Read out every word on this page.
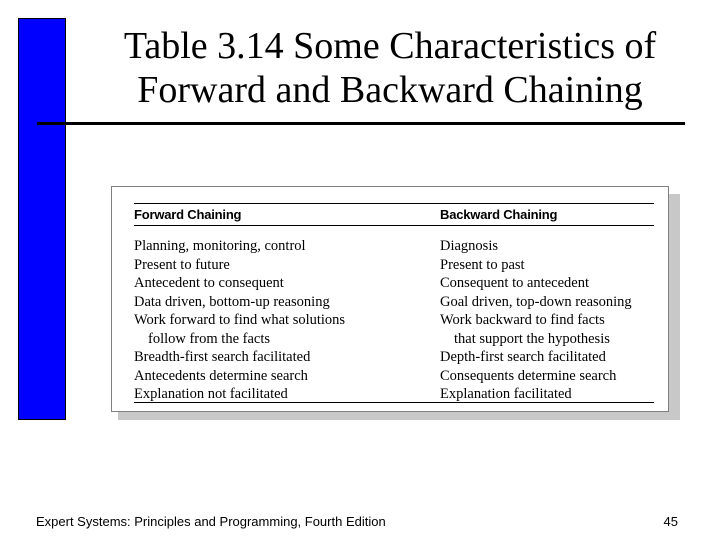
Table 3.14 Some Characteristics of
Forward and Backward Chaining
Forward Chaining	Backward Chaining
Planning, monitoring, control
Present to future
Antecedent to consequent
Data driven, bottom-up reasoning
Work forward to find what solutions
follow from the facts
Breadth-first search facilitated
Antecedents determine search
Explanation not facilitated
Diagnosis
Present to past
Consequent to antecedent
Goal driven, top-down reasoning
Work backward to find facts
that support the hypothesis
Depth-first search facilitated
Consequents determine search
Explanation facilitated
Expert Systems: Principles and Programming, Fourth Edition	45
